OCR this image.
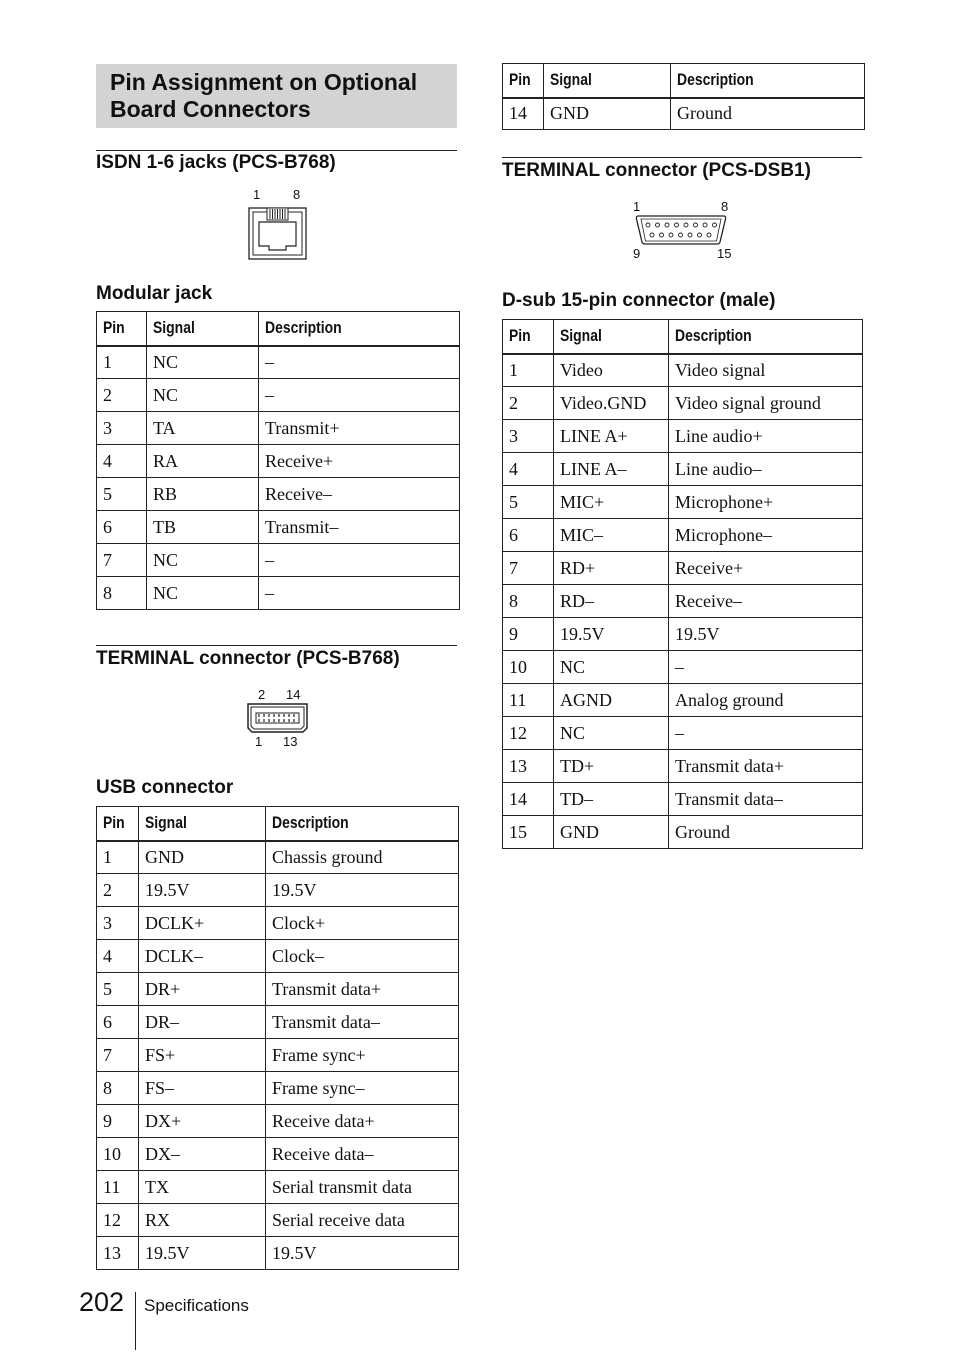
Pin Assignment on Optional Board Connectors
ISDN 1-6 jacks (PCS-B768)
1	8
Modular jack
Pin	Signal	Description
1	NC	–
2	NC	–
3	TA	Transmit+
4	RA	Receive+
5	RB	Receive–
6	TB	Transmit–
7	NC	–
8	NC	–
TERMINAL connector (PCS-B768)
2 14
1 13
USB connector
Pin	Signal	Description
1	GND	Chassis ground
2	19.5V	19.5V
3	DCLK+	Clock+
4	DCLK–	Clock–
5	DR+	Transmit data+
6	DR–	Transmit data–
7	FS+	Frame sync+
8	FS–	Frame sync–
9	DX+	Receive data+
10	DX–	Receive data–
11	TX	Serial transmit data
12	RX	Serial receive data
13	19.5V	19.5V
Pin	Signal	Description
14	GND	Ground
TERMINAL connector (PCS-DSB1)
1	8
9	15
D-sub 15-pin connector (male)
Pin	Signal	Description
1	Video	Video signal
2	Video.GND	Video signal ground
3	LINE A+	Line audio+
4	LINE A–	Line audio–
5	MIC+	Microphone+
6	MIC–	Microphone–
7	RD+	Receive+
8	RD–	Receive–
9	19.5V	19.5V
10	NC	–
11	AGND	Analog ground
12	NC	–
13	TD+	Transmit data+
14	TD–	Transmit data–
15	GND	Ground
202 Specifications
